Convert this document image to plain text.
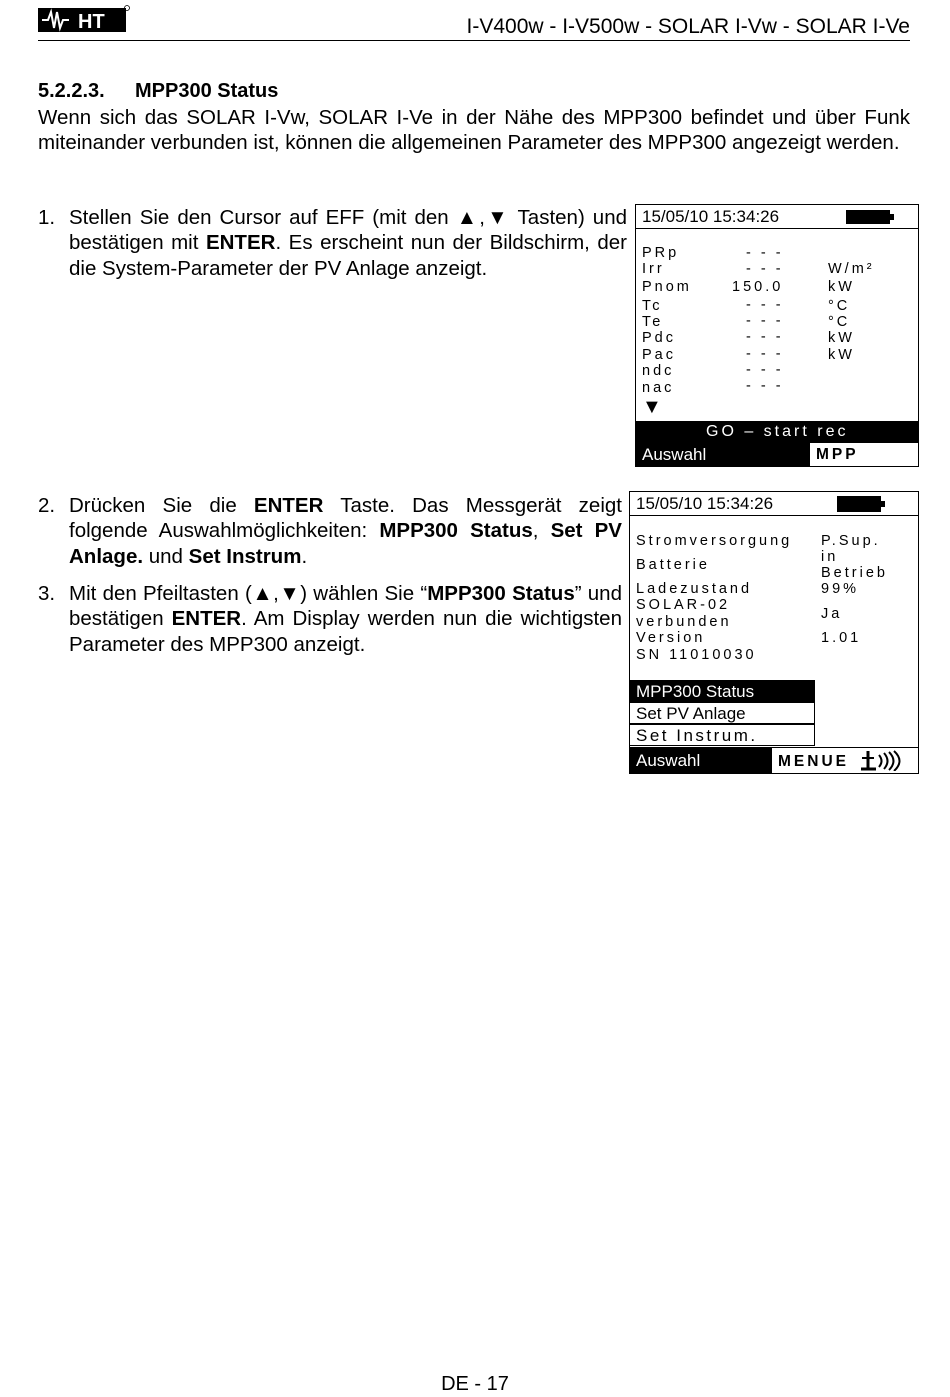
HT	I-V400w - I-V500w - SOLAR I-Vw - SOLAR I-Ve
5.2.2.3. MPP300 Status
Wenn sich das SOLAR I-Vw, SOLAR I-Ve in der Nähe des MPP300 befindet und über Funk miteinander verbunden ist, können die allgemeinen Parameter des MPP300 angezeigt werden.
1. Stellen Sie den Cursor auf EFF (mit den ▲,▼ Tasten) und bestätigen mit ENTER. Es erscheint nun der Bildschirm, der die System-Parameter der PV Anlage anzeigt.

2. Drücken Sie die ENTER Taste. Das Messgerät zeigt folgende Auswahlmöglichkeiten: MPP300 Status, Set PV Anlage. und Set Instrum.

3. Mit den Pfeiltasten (▲,▼) wählen Sie “MPP300 Status” und bestätigen ENTER. Am Display werden nun die wichtigsten Parameter des MPP300 anzeigt.

15/05/10 15:34:26
PRp	- - -
Irr	- - -	W/m²
Pnom	150.0	kW
Tc	- - -	°C
Te	- - -	°C
Pdc	- - -	kW
Pac	- - -	kW
ndc	- - -
nac	- - -
▼
GO – start rec
Auswahl	MPP
15/05/10 15:34:26
Stromversorgung P.Sup.
Batterie	in
Betrieb
Ladezustand	99%
SOLAR-02
verbunden	Ja
Version	1.01
SN 11010030
MPP300 Status
Set PV Anlage
Set Instrum.
Auswahl	MENUE
DE - 17
